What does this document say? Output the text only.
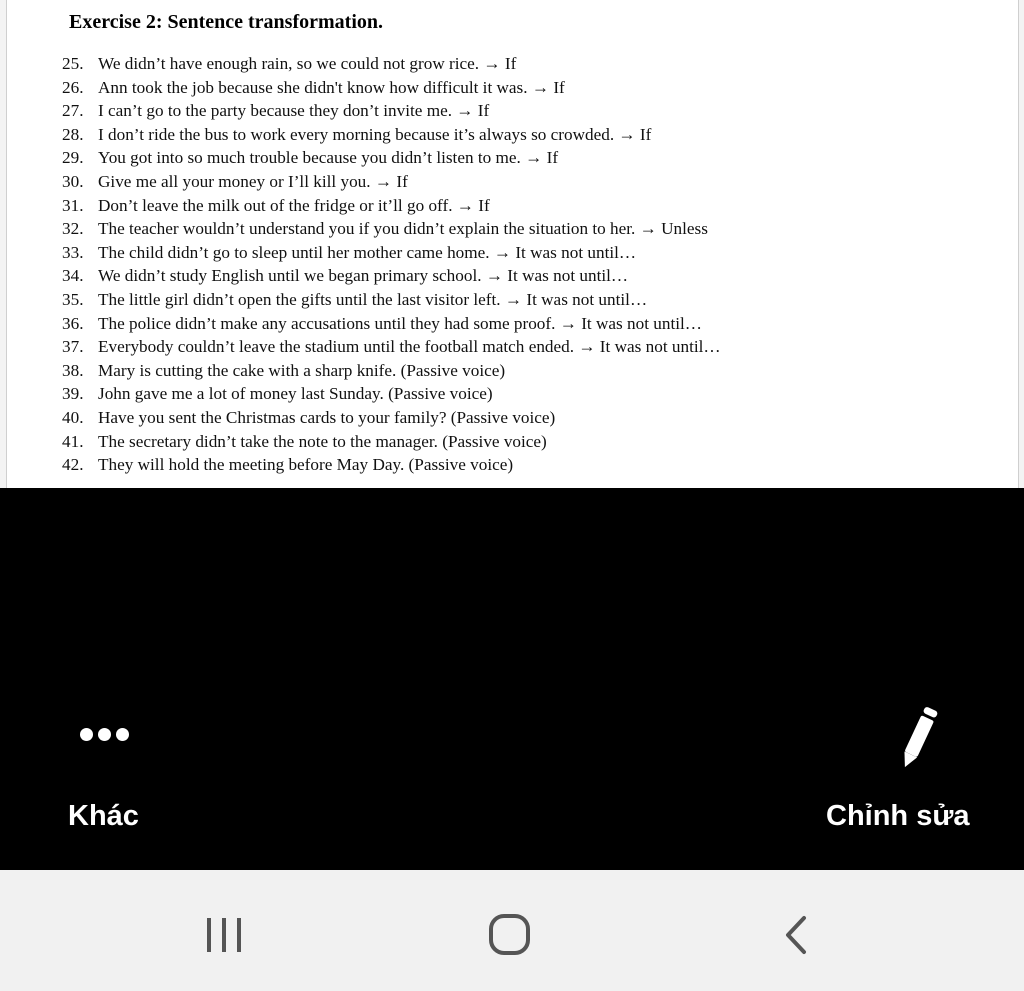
Exercise 2: Sentence transformation.
25. We didn’t have enough rain, so we could not grow rice. → If
26. Ann took the job because she didn't know how difficult it was. → If
27. I can’t go to the party because they don’t invite me. → If
28. I don’t ride the bus to work every morning because it’s always so crowded. → If
29. You got into so much trouble because you didn’t listen to me. → If
30. Give me all your money or I’ll kill you. → If
31. Don’t leave the milk out of the fridge or it’ll go off. → If
32. The teacher wouldn’t understand you if you didn’t explain the situation to her. → Unless
33. The child didn’t go to sleep until her mother came home. → It was not until…
34. We didn’t study English until we began primary school. → It was not until…
35. The little girl didn’t open the gifts until the last visitor left. → It was not until…
36. The police didn’t make any accusations until they had some proof. → It was not until…
37. Everybody couldn’t leave the stadium until the football match ended. → It was not until…
38. Mary is cutting the cake with a sharp knife. (Passive voice)
39. John gave me a lot of money last Sunday. (Passive voice)
40. Have you sent the Christmas cards to your family? (Passive voice)
41. The secretary didn’t take the note to the manager. (Passive voice)
42. They will hold the meeting before May Day. (Passive voice)
Khác	Chỉnh sửa
